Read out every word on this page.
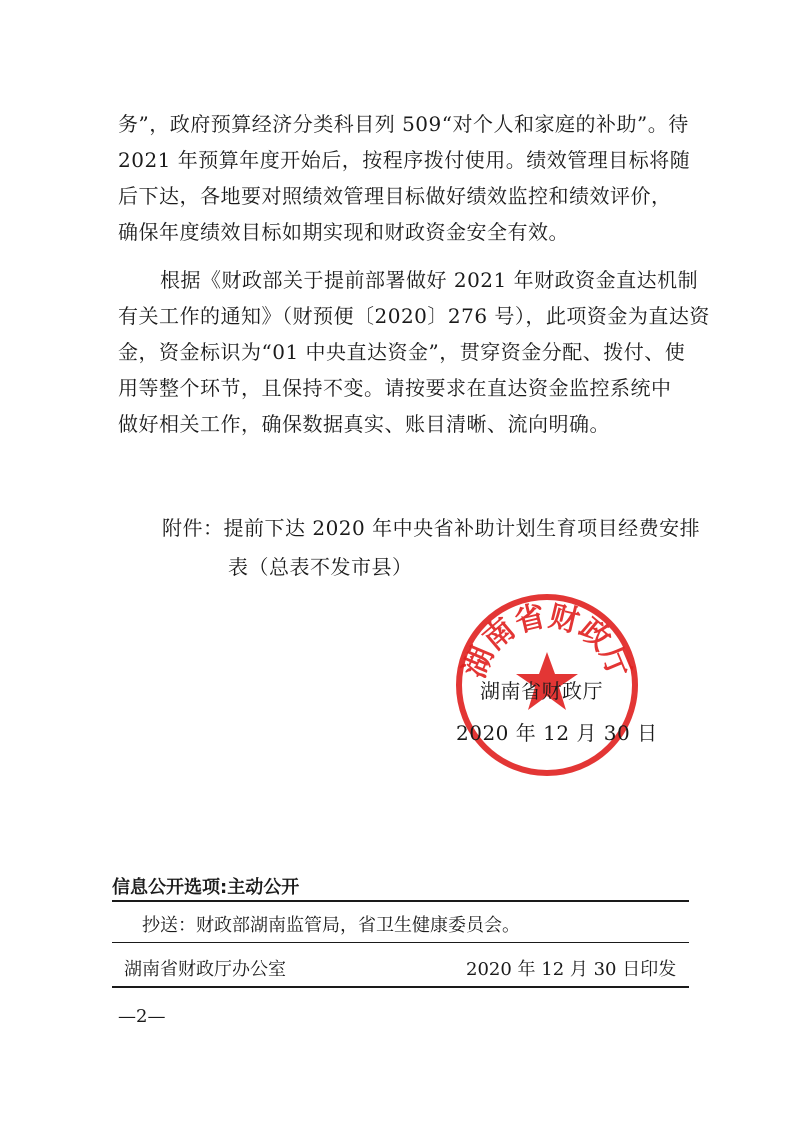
务”，政府预算经济分类科目列 509“对个人和家庭的补助”。待
2021 年预算年度开始后，按程序拨付使用。绩效管理目标将随
后下达，各地要对照绩效管理目标做好绩效监控和绩效评价，
确保年度绩效目标如期实现和财政资金安全有效。
根据《财政部关于提前部署做好 2021 年财政资金直达机制
有关工作的通知》（财预便〔2020〕276 号），此项资金为直达资
金，资金标识为“01 中央直达资金”，贯穿资金分配、拨付、使
用等整个环节，且保持不变。请按要求在直达资金监控系统中
做好相关工作，确保数据真实、账目清晰、流向明确。
附件：提前下达 2020 年中央省补助计划生育项目经费安排
表（总表不发市县）
湖南省财政厅
湖南省财政厅
2020 年 12 月 30 日
信息公开选项:主动公开
抄送：财政部湖南监管局，省卫生健康委员会。
湖南省财政厅办公室	2020 年 12 月 30 日印发
—2—
